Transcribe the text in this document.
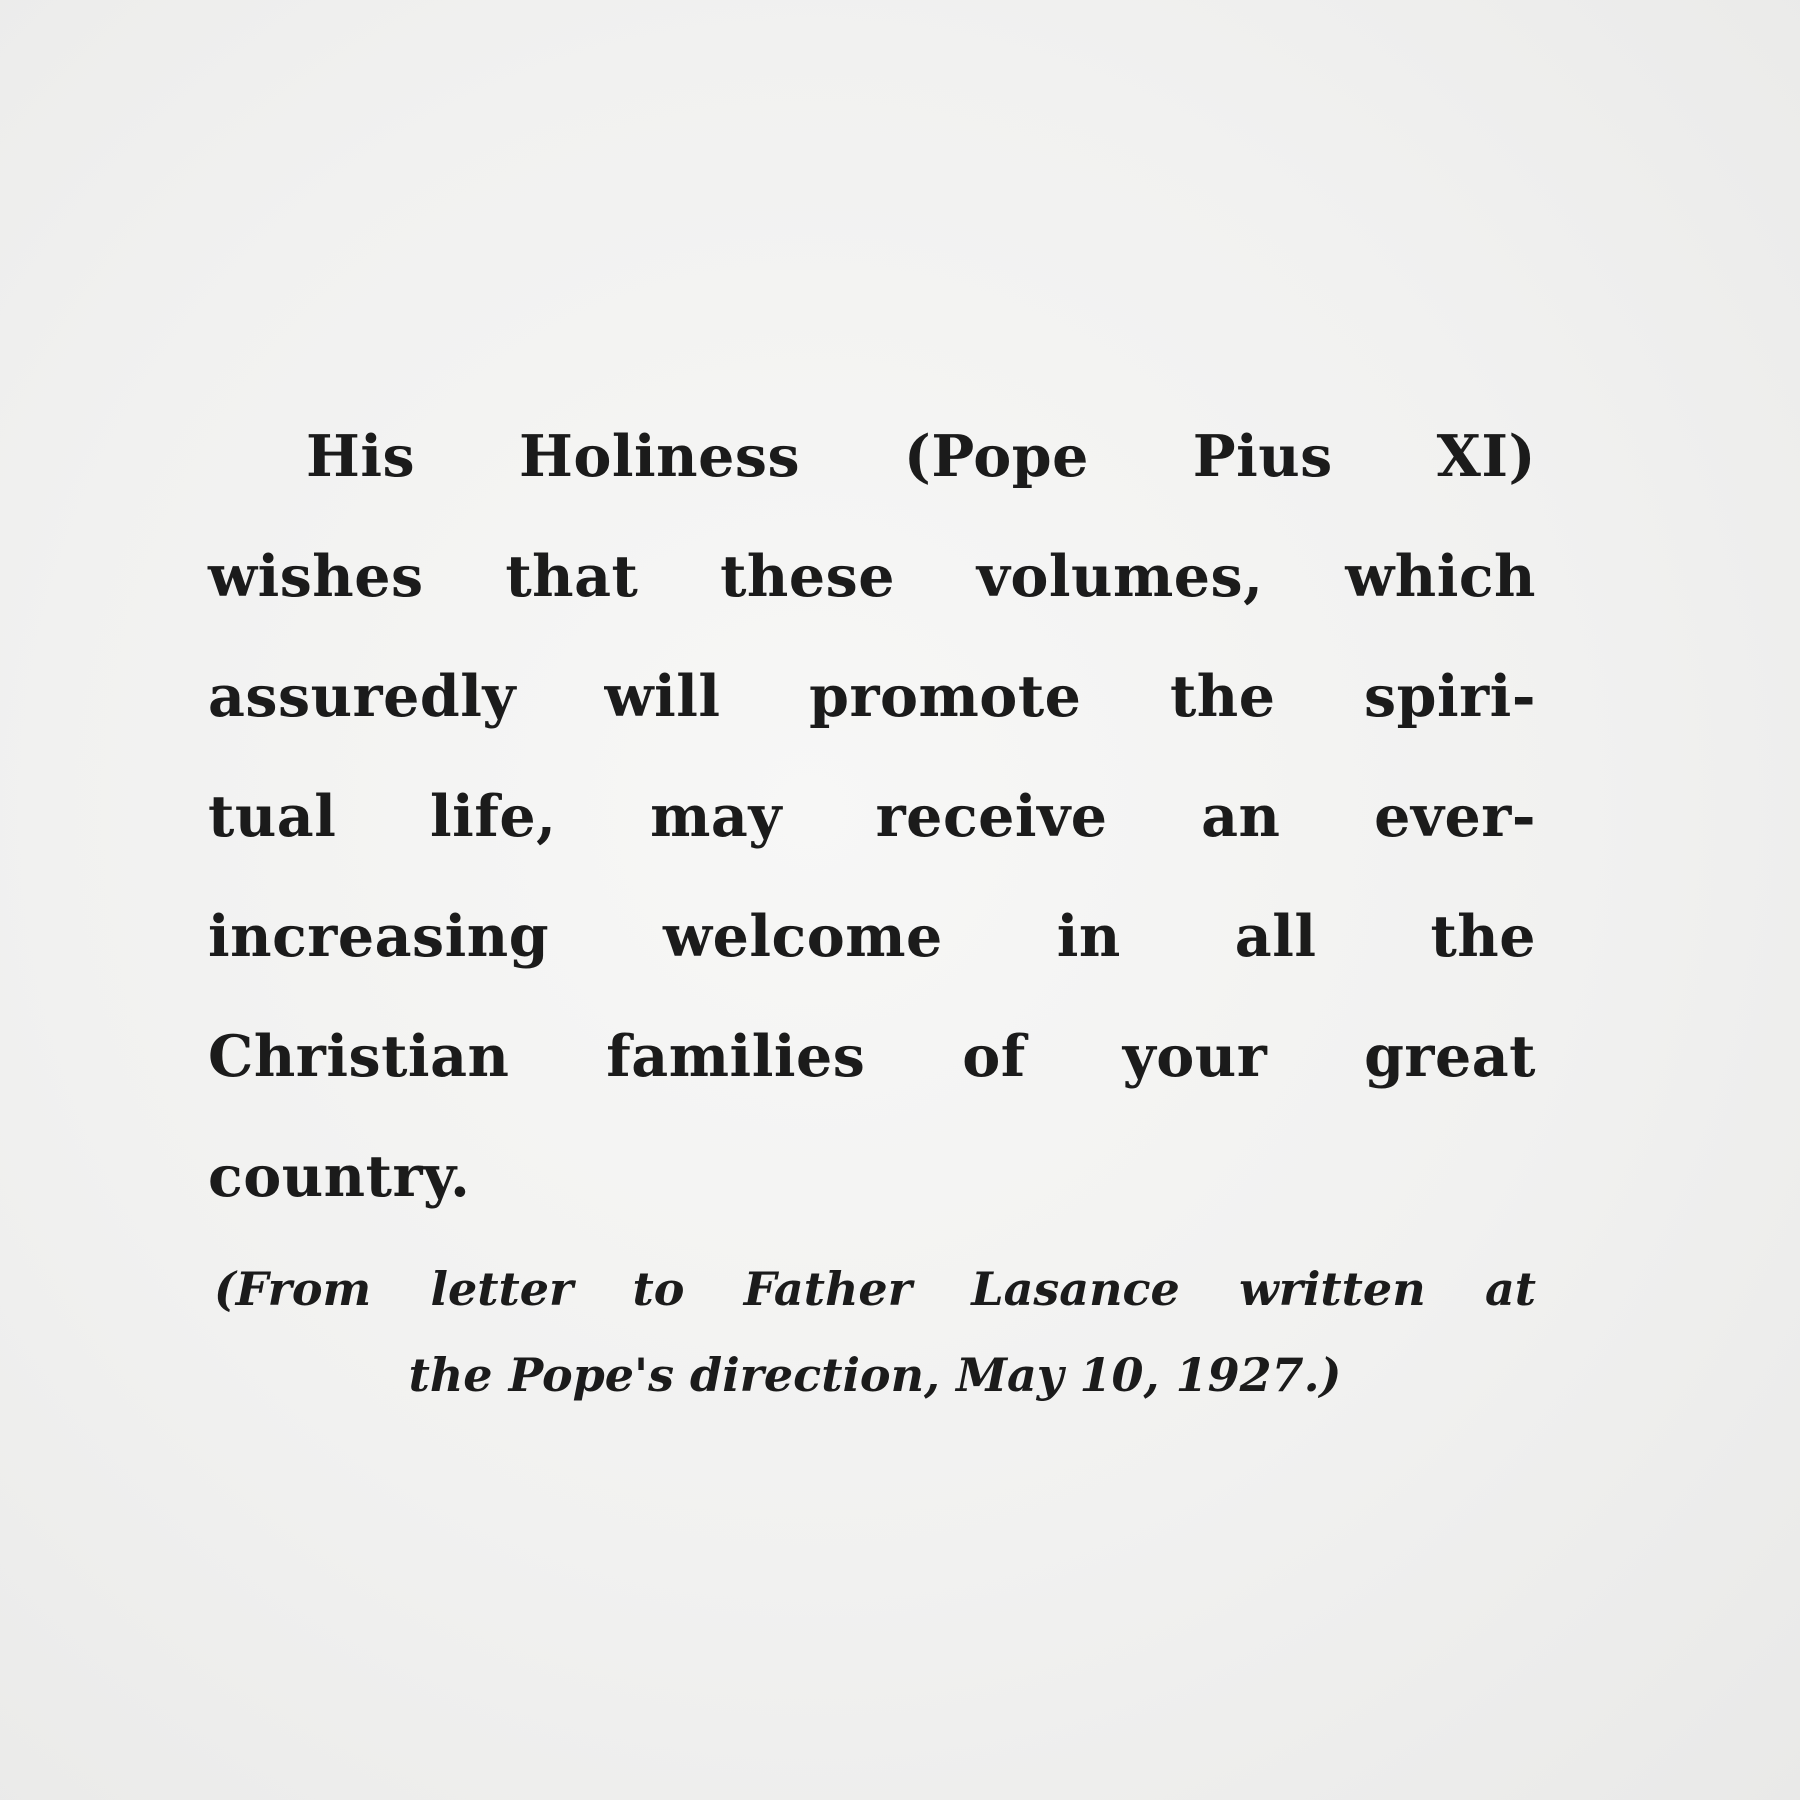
His Holiness (Pope Pius XI)
wishes that these volumes, which
assuredly will promote the spiri-
tual life, may receive an ever-
increasing welcome in all the
Christian families of your great
country.
(From letter to Father Lasance written at
the Pope's direction, May 10, 1927.)
